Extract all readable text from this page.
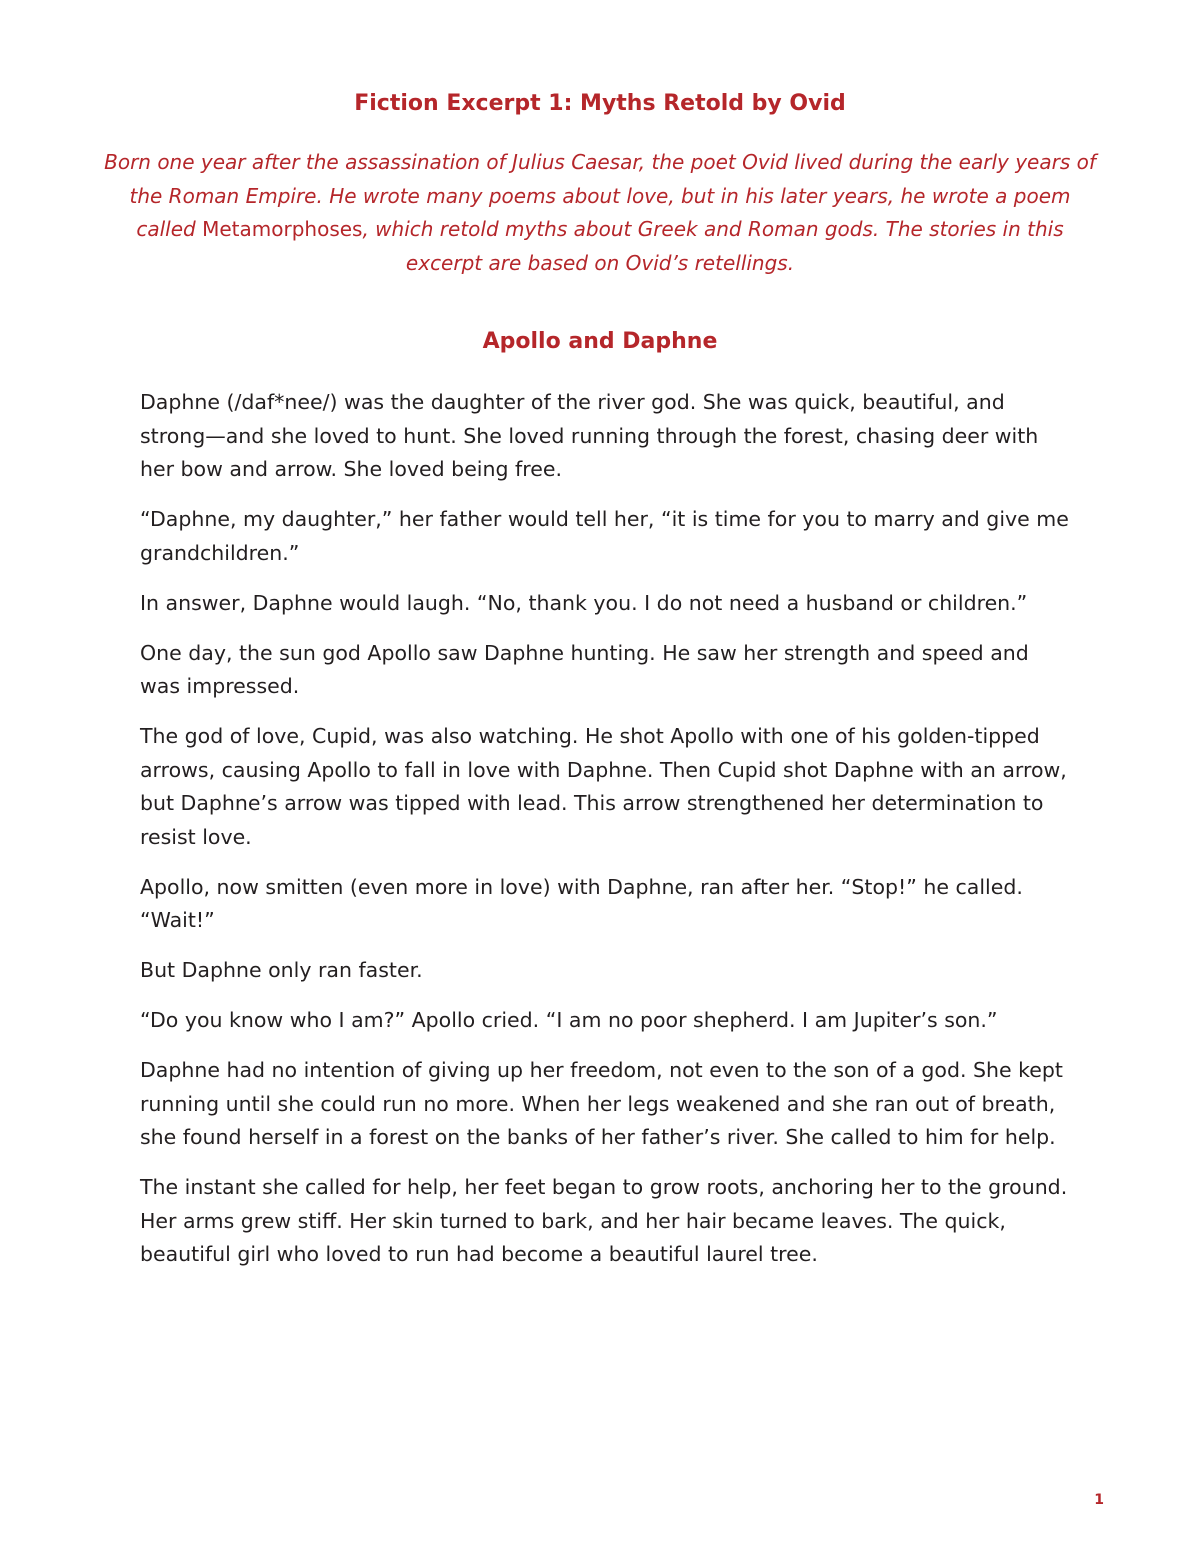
Fiction Excerpt 1: Myths Retold by Ovid
Born one year after the assassination of Julius Caesar, the poet Ovid lived during the early years of the Roman Empire. He wrote many poems about love, but in his later years, he wrote a poem called Metamorphoses, which retold myths about Greek and Roman gods. The stories in this excerpt are based on Ovid’s retellings.
Apollo and Daphne

Daphne (/daf*nee/) was the daughter of the river god. She was quick, beautiful, and strong—and she loved to hunt. She loved running through the forest, chasing deer with her bow and arrow. She loved being free.

“Daphne, my daughter,” her father would tell her, “it is time for you to marry and give me grandchildren.”

In answer, Daphne would laugh. “No, thank you. I do not need a husband or children.”

One day, the sun god Apollo saw Daphne hunting. He saw her strength and speed and was impressed.

The god of love, Cupid, was also watching. He shot Apollo with one of his golden-tipped arrows, causing Apollo to fall in love with Daphne. Then Cupid shot Daphne with an arrow, but Daphne’s arrow was tipped with lead. This arrow strengthened her determination to resist love.

Apollo, now smitten (even more in love) with Daphne, ran after her. “Stop!” he called. “Wait!”

But Daphne only ran faster.

“Do you know who I am?” Apollo cried. “I am no poor shepherd. I am Jupiter’s son.”

Daphne had no intention of giving up her freedom, not even to the son of a god. She kept running until she could run no more. When her legs weakened and she ran out of breath, she found herself in a forest on the banks of her father’s river. She called to him for help.

The instant she called for help, her feet began to grow roots, anchoring her to the ground. Her arms grew stiff. Her skin turned to bark, and her hair became leaves. The quick, beautiful girl who loved to run had become a beautiful laurel tree.

1
